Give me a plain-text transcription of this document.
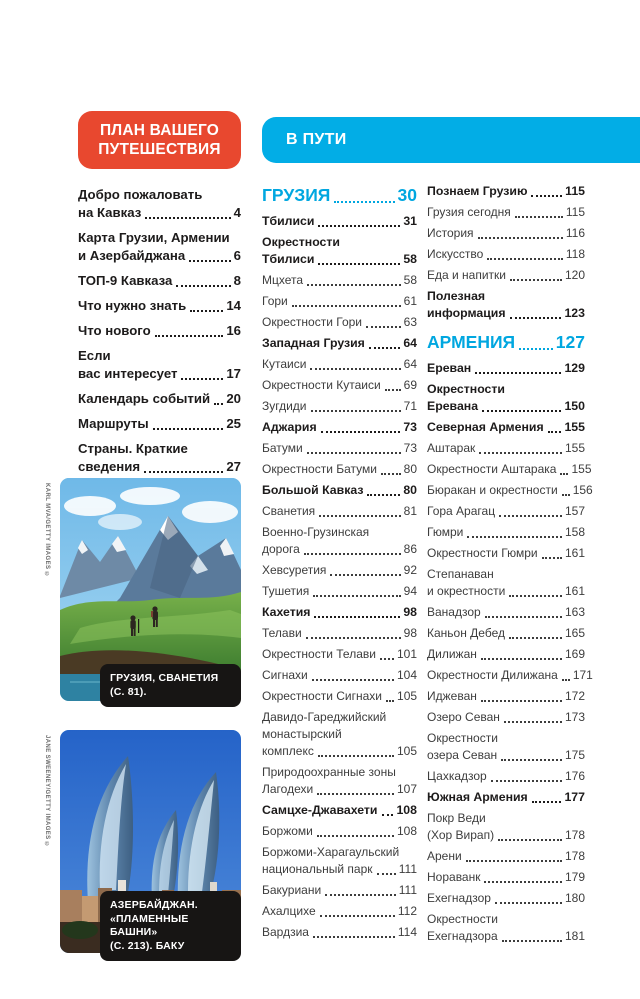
ПЛАН ВАШЕГО
ПУТЕШЕСТВИЯ
В ПУТИ
Добро пожаловать
на Кавказ	4
Карта Грузии, Армении
и Азербайджана	6
ТОП-9 Кавказа	8
Что нужно знать	14
Что нового	16
Если
вас интересует	17
Календарь событий 20
Маршруты	25
Страны. Краткие
сведения	27
KARL MVA/GETTY IMAGES ©
ГРУЗИЯ, СВАНЕТИЯ
(С. 81).
JANE SWEENEY/GETTY IMAGES ©
АЗЕРБАЙДЖАН.
«ПЛАМЕННЫЕ БАШНИ»
(С. 213). БАКУ
ГРУЗИЯ	30
Тбилиси	31
Окрестности
Тбилиси	58
Мцхета	58
Гори	61
Окрестности Гори	63
Западная Грузия	64
Кутаиси	64
Окрестности Кутаиси 69
Зугдиди	71
Аджария	73
Батуми	73
Окрестности Батуми 80
Большой Кавказ	80
Сванетия	81
Военно-Грузинская
дорога	86
Хевсуретия	92
Тушетия	94
Кахетия	98
Телави	98
Окрестности Телави 101
Сигнахи	104
Окрестности Сигнахи 105
Давидо-Гареджийский
монастырский
комплекс	105
Природоохранные зоны
Лагодехи	107
Самцхе-Джавахети 108
Боржоми	108
Боржоми-Харагаульский
национальный парк 111
Бакуриани	111
Ахалцихе	112
Вардзиа	114
Познаем Грузию	115
Грузия сегодня	115
История	116
Искусство	118
Еда и напитки	120
Полезная
информация	123
АРМЕНИЯ 127
Ереван	129
Окрестности
Еревана	150
Северная Армения 155
Аштарак	155
Окрестности Аштарака 155
Бюракан и окрестности 156
Гора Арагац	157
Гюмри	158
Окрестности Гюмри 161
Степанаван
и окрестности	161
Ванадзор	163
Каньон Дебед	165
Дилижан	169
Окрестности Дилижана 171
Иджеван	172
Озеро Севан	173
Окрестности
озера Севан	175
Цахкадзор	176
Южная Армения	177
Покр Веди
(Хор Вирап)	178
Арени	178
Нораванк	179
Ехегнадзор	180
Окрестности
Ехегнадзора	181
